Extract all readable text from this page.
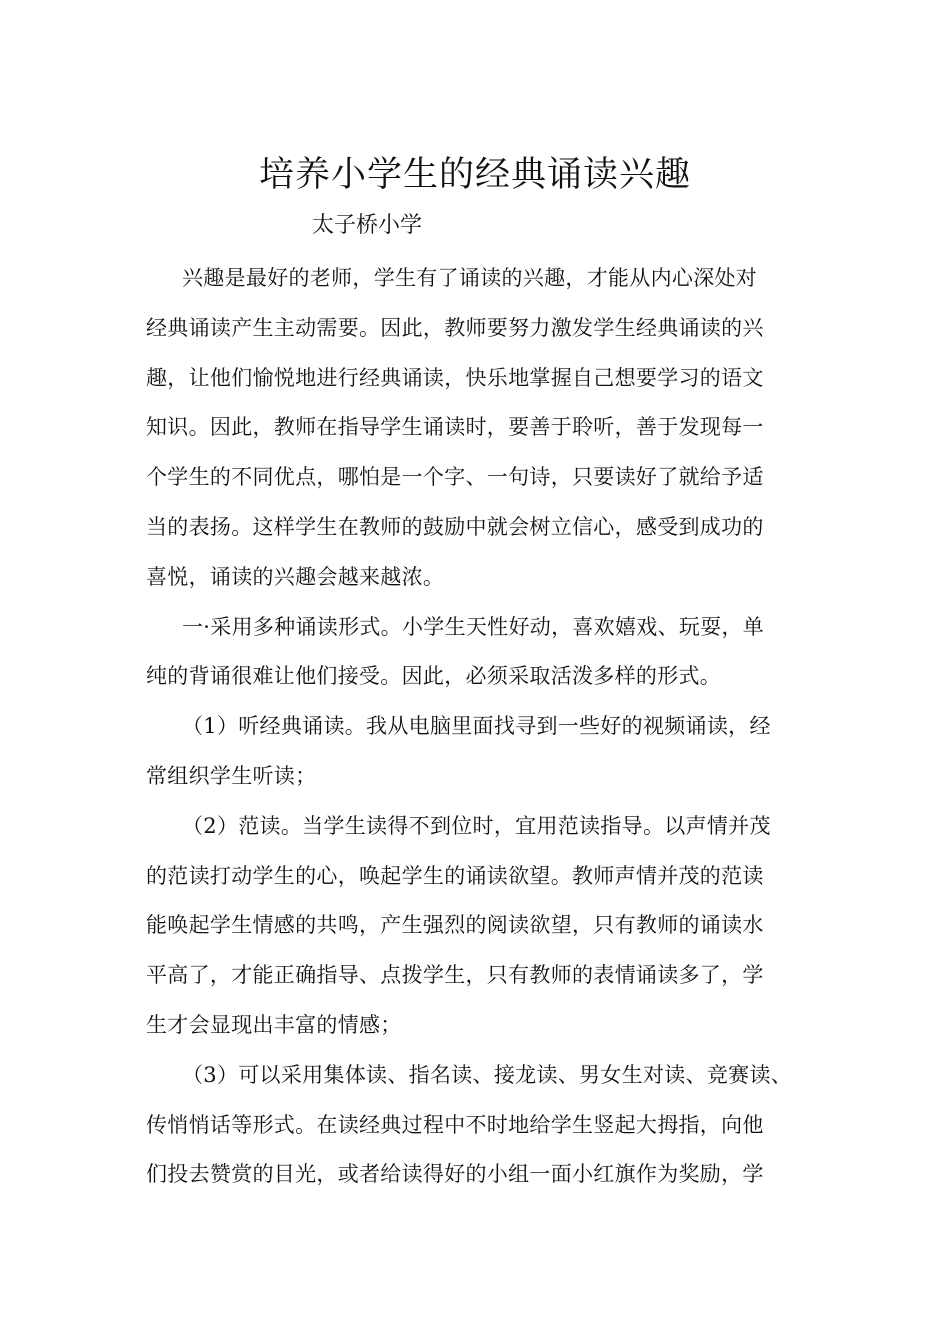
培养小学生的经典诵读兴趣

太子桥小学

兴趣是最好的老师，学生有了诵读的兴趣，才能从内心深处对
经典诵读产生主动需要。因此，教师要努力激发学生经典诵读的兴
趣，让他们愉悦地进行经典诵读，快乐地掌握自己想要学习的语文
知识。因此，教师在指导学生诵读时，要善于聆听，善于发现每一
个学生的不同优点，哪怕是一个字、一句诗，只要读好了就给予适
当的表扬。这样学生在教师的鼓励中就会树立信心，感受到成功的
喜悦，诵读的兴趣会越来越浓。
一·采用多种诵读形式。小学生天性好动，喜欢嬉戏、玩耍，单
纯的背诵很难让他们接受。因此，必须采取活泼多样的形式。
（1）听经典诵读。我从电脑里面找寻到一些好的视频诵读，经
常组织学生听读；
（2）范读。当学生读得不到位时，宜用范读指导。以声情并茂
的范读打动学生的心，唤起学生的诵读欲望。教师声情并茂的范读
能唤起学生情感的共鸣，产生强烈的阅读欲望，只有教师的诵读水
平高了，才能正确指导、点拨学生，只有教师的表情诵读多了，学
生才会显现出丰富的情感；
（3）可以采用集体读、指名读、接龙读、男女生对读、竞赛读、
传悄悄话等形式。在读经典过程中不时地给学生竖起大拇指，向他
们投去赞赏的目光，或者给读得好的小组一面小红旗作为奖励，学
